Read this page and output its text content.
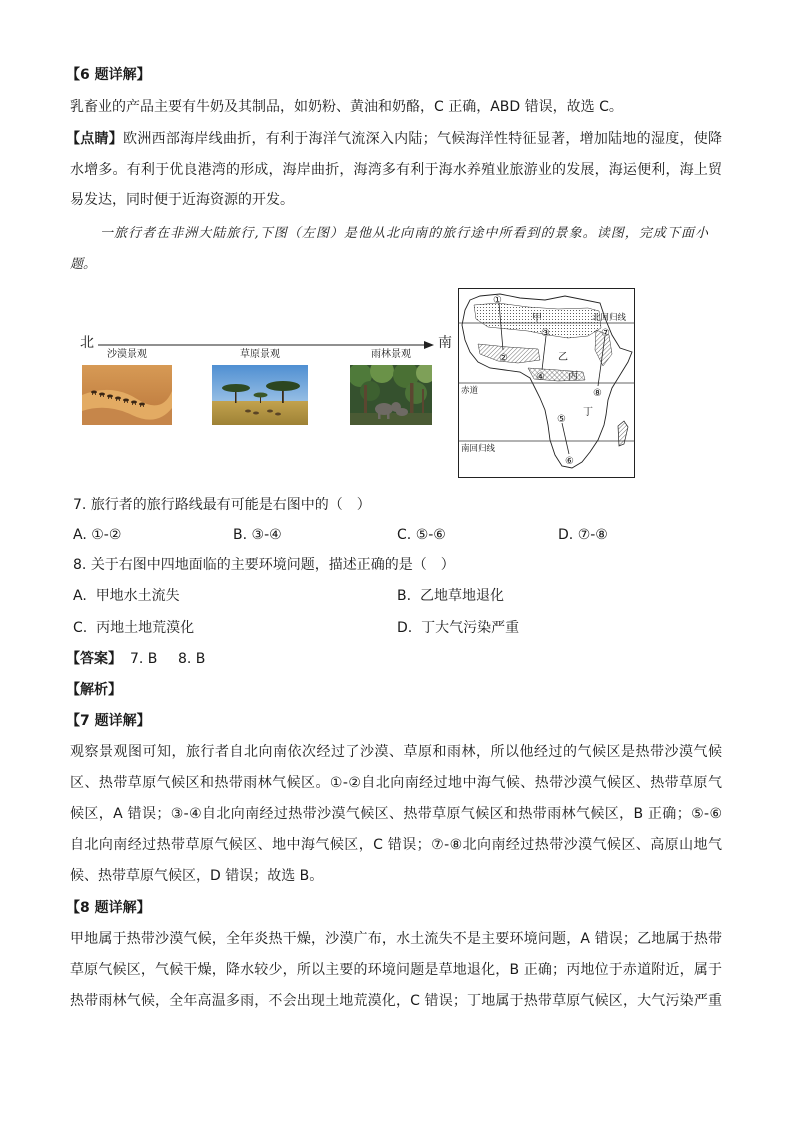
【6 题详解】
乳畜业的产品主要有牛奶及其制品，如奶粉、黄油和奶酪，C 正确，ABD 错误，故选 C。
【点睛】欧洲西部海岸线曲折，有利于海洋气流深入内陆；气候海洋性特征显著，增加陆地的湿度，使降
水增多。有利于优良港湾的形成，海岸曲折，海湾多有利于海水养殖业旅游业的发展，海运便利，海上贸
易发达，同时便于近海资源的开发。
一旅行者在非洲大陆旅行,下图（左图）是他从北向南的旅行途中所看到的景象。读图，完成下面小
题。
北	南
沙漠景观	草原景观	雨林景观
北回归线
赤道
南回归线
甲
乙
丙
丁
①
②
③
④
⑤
⑥
⑦
⑧
7. 旅行者的旅行路线最有可能是右图中的（　）
A. ①-②	B. ③-④	C. ⑤-⑥	D. ⑦-⑧
8. 关于右图中四地面临的主要环境问题，描述正确的是（　）
A. 甲地水土流失	B. 乙地草地退化
C. 丙地土地荒漠化	D. 丁大气污染严重
【答案】 7. B 8. B
【解析】
【7 题详解】
观察景观图可知，旅行者自北向南依次经过了沙漠、草原和雨林，所以他经过的气候区是热带沙漠气候
区、热带草原气候区和热带雨林气候区。①-②自北向南经过地中海气候、热带沙漠气候区、热带草原气
候区，A 错误；③-④自北向南经过热带沙漠气候区、热带草原气候区和热带雨林气候区，B 正确；⑤-⑥
自北向南经过热带草原气候区、地中海气候区，C 错误；⑦-⑧北向南经过热带沙漠气候区、高原山地气
候、热带草原气候区，D 错误；故选 B。
【8 题详解】
甲地属于热带沙漠气候，全年炎热干燥，沙漠广布，水土流失不是主要环境问题，A 错误；乙地属于热带
草原气候区，气候干燥，降水较少，所以主要的环境问题是草地退化，B 正确；丙地位于赤道附近，属于
热带雨林气候，全年高温多雨，不会出现土地荒漠化，C 错误；丁地属于热带草原气候区，大气污染严重
